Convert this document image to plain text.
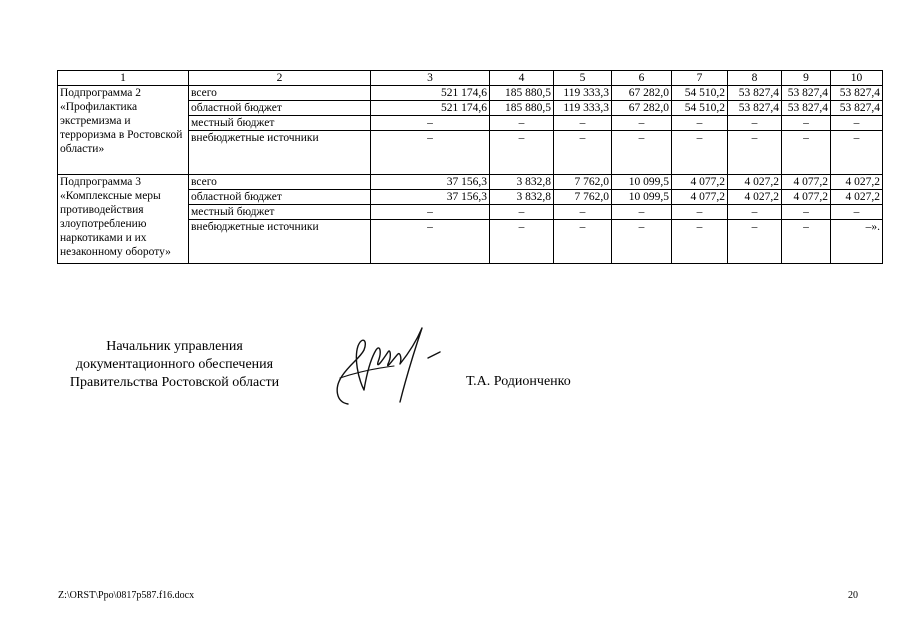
1	2	3	4	5	6	7	8	9	10
Подпрограмма 2 «Профилактика экстремизма и терроризма в Ростовской области»	всего	521 174,6	185 880,5	119 333,3	67 282,0	54 510,2	53 827,4	53 827,4	53 827,4
	областной бюджет	521 174,6	185 880,5	119 333,3	67 282,0	54 510,2	53 827,4	53 827,4	53 827,4
	местный бюджет	–	–	–	–	–	–	–	–
	внебюджетные источники	–	–	–	–	–	–	–	–
Подпрограмма 3 «Комплексные меры противодействия злоупотреблению наркотиками и их незаконному обороту»	всего	37 156,3	3 832,8	7 762,0	10 099,5	4 077,2	4 027,2	4 077,2	4 027,2
	областной бюджет	37 156,3	3 832,8	7 762,0	10 099,5	4 077,2	4 027,2	4 077,2	4 027,2
	местный бюджет	–	–	–	–	–	–	–	–
	внебюджетные источники	–	–	–	–	–	–	–	–».
Начальник управления
документационного обеспечения
Правительства Ростовской области	Т.А. Родионченко
Z:\ORST\Ppo\0817p587.f16.docx	20
